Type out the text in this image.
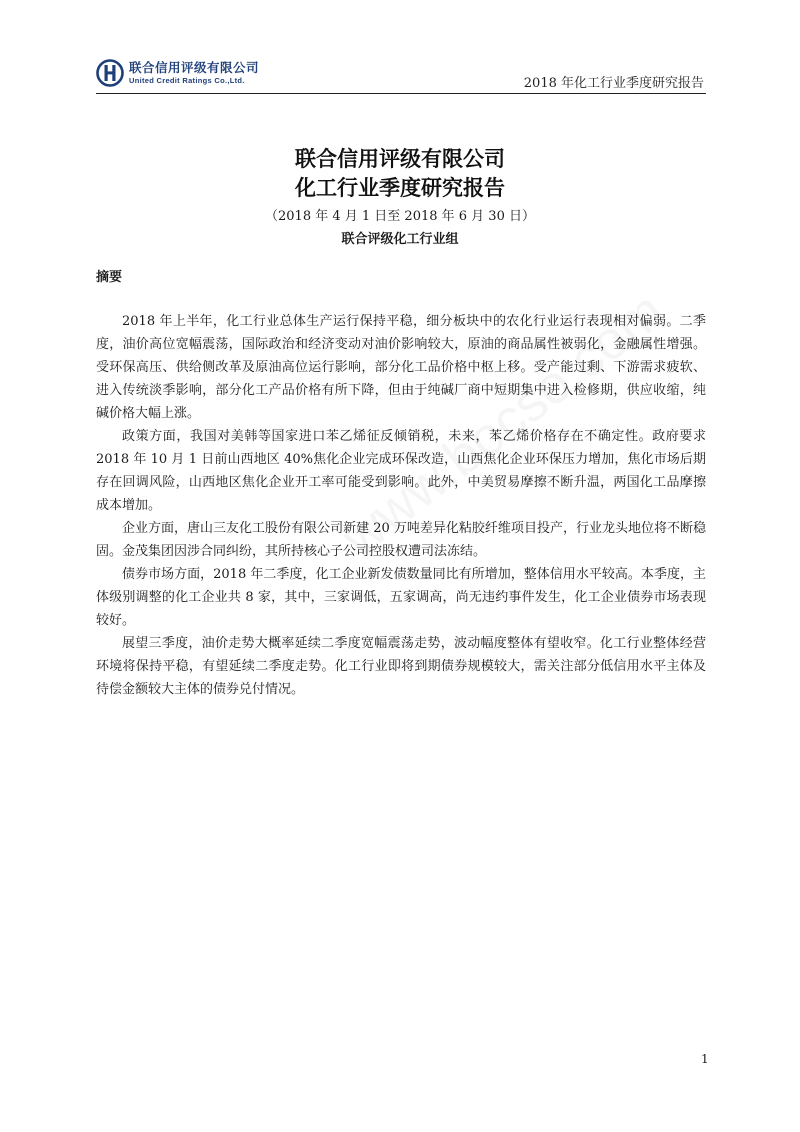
联合信用评级有限公司
United Credit Ratings Co.,Ltd.	2018 年化工行业季度研究报告
联合信用评级有限公司
化工行业季度研究报告
（2018 年 4 月 1 日至 2018 年 6 月 30 日）
联合评级化工行业组
摘要

2018 年上半年，化工行业总体生产运行保持平稳，细分板块中的农化行业运行表现相对偏弱。二季度，油价高位宽幅震荡，国际政治和经济变动对油价影响较大，原油的商品属性被弱化，金融属性增强。受环保高压、供给侧改革及原油高位运行影响，部分化工品价格中枢上移。受产能过剩、下游需求疲软、进入传统淡季影响，部分化工产品价格有所下降，但由于纯碱厂商中短期集中进入检修期，供应收缩，纯碱价格大幅上涨。

政策方面，我国对美韩等国家进口苯乙烯征反倾销税，未来，苯乙烯价格存在不确定性。政府要求 2018 年 10 月 1 日前山西地区 40%焦化企业完成环保改造，山西焦化企业环保压力增加，焦化市场后期存在回调风险，山西地区焦化企业开工率可能受到影响。此外，中美贸易摩擦不断升温，两国化工品摩擦成本增加。

企业方面，唐山三友化工股份有限公司新建 20 万吨差异化粘胶纤维项目投产，行业龙头地位将不断稳固。金茂集团因涉合同纠纷，其所持核心子公司控股权遭司法冻结。

债券市场方面，2018 年二季度，化工企业新发债数量同比有所增加，整体信用水平较高。本季度，主体级别调整的化工企业共 8 家，其中，三家调低，五家调高，尚无违约事件发生，化工企业债券市场表现较好。

展望三季度，油价走势大概率延续二季度宽幅震荡走势，波动幅度整体有望收窄。化工行业整体经营环境将保持平稳，有望延续二季度走势。化工行业即将到期债券规模较大，需关注部分低信用水平主体及待偿金额较大主体的债券兑付情况。

1
